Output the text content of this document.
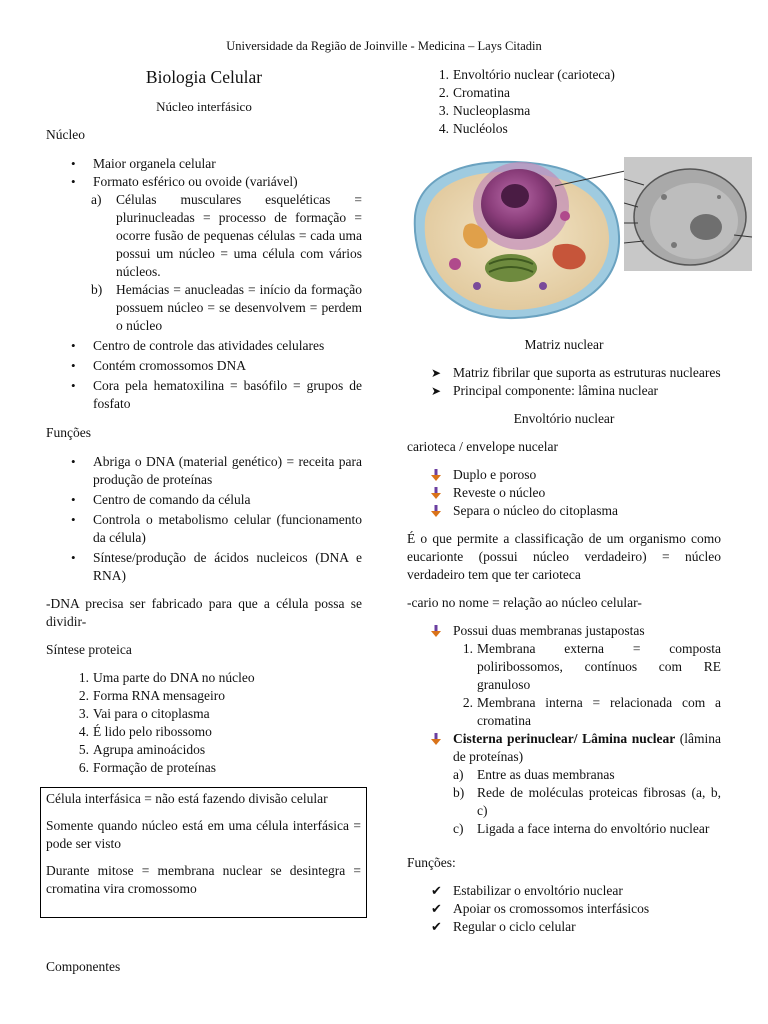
Universidade da Região de Joinville - Medicina – Lays Citadin
Biologia Celular
Núcleo interfásico

Núcleo

• Maior organela celular
• Formato esférico ou ovoide (variável)
a)	Células musculares esqueléticas = plurinucleadas = processo de formação = ocorre fusão de pequenas células = cada uma possui um núcleo = uma célula com vários núcleos.
b)	Hemácias = anucleadas = início da formação possuem núcleo = se desenvolvem = perdem o núcleo
• Centro de controle das atividades celulares
• Contém cromossomos DNA
• Cora pela hematoxilina = basófilo = grupos de fosfato

Funções

• Abriga o DNA (material genético) = receita para produção de proteínas
• Centro de comando da célula
• Controla o metabolismo celular (funcionamento da célula)
• Síntese/produção de ácidos nucleicos (DNA e RNA)

-DNA precisa ser fabricado para que a célula possa se dividir-

Síntese proteica

1. Uma parte do DNA no núcleo
2. Forma RNA mensageiro
3. Vai para o citoplasma
4. É lido pelo ribossomo
5. Agrupa aminoácidos
6. Formação de proteínas

Célula interfásica = não está fazendo divisão celular

Somente quando núcleo está em uma célula interfásica = pode ser visto

Durante mitose = membrana nuclear se desintegra = cromatina vira cromossomo

Componentes

1. Envoltório nuclear (carioteca)
2. Cromatina
3. Nucleoplasma
4. Nucléolos
Matriz nuclear
➤ Matriz fibrilar que suporta as estruturas nucleares
➤ Principal componente: lâmina nuclear
Envoltório nuclear

carioteca / envelope nucelar

Duplo e poroso
Reveste o núcleo
Separa o núcleo do citoplasma

É o que permite a classificação de um organismo como eucarionte (possui núcleo verdadeiro) = núcleo verdadeiro tem que ter carioteca

-cario no nome = relação ao núcleo celular-

Possui duas membranas justapostas
1. Membrana externa = composta poliribossomos, contínuos com RE granuloso
2. Membrana interna = relacionada com a cromatina
Cisterna perinuclear/ Lâmina nuclear (lâmina de proteínas)
a)	Entre as duas membranas
b) Rede de moléculas proteicas fibrosas (a, b, c)
c)	Ligada a face interna do envoltório nuclear

Funções:

✔ Estabilizar o envoltório nuclear
✔ Apoiar os cromossomos interfásicos
✔ Regular o ciclo celular
